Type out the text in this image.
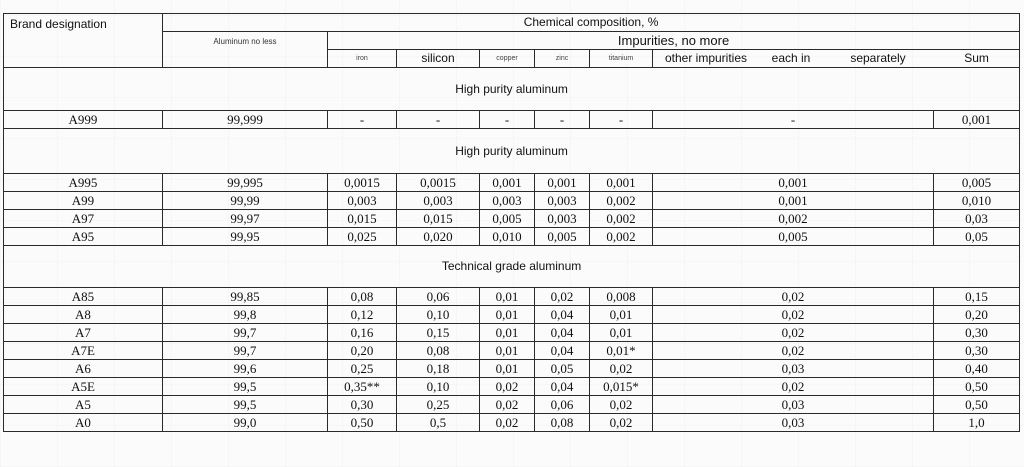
Brand designation	Chemical composition, %									
	Aluminum no less	Impurities, no more								
		iron	silicon	copper	zinc	titanium	other impurities	each in	separately	Sum
High purity aluminum										
A999	99,999	-	-	-	-	-	-			0,001
High purity aluminum										
A995	99,995	0,0015	0,0015	0,001	0,001	0,001	0,001			0,005
A99	99,99	0,003	0,003	0,003	0,003	0,002	0,001			0,010
A97	99,97	0,015	0,015	0,005	0,003	0,002	0,002			0,03
A95	99,95	0,025	0,020	0,010	0,005	0,002	0,005			0,05
Technical grade aluminum										
A85	99,85	0,08	0,06	0,01	0,02	0,008	0,02			0,15
A8	99,8	0,12	0,10	0,01	0,04	0,01	0,02			0,20
A7	99,7	0,16	0,15	0,01	0,04	0,01	0,02			0,30
A7E	99,7	0,20	0,08	0,01	0,04	0,01*	0,02			0,30
A6	99,6	0,25	0,18	0,01	0,05	0,02	0,03			0,40
A5E	99,5	0,35**	0,10	0,02	0,04	0,015*	0,02			0,50
A5	99,5	0,30	0,25	0,02	0,06	0,02	0,03			0,50
A0	99,0	0,50	0,5	0,02	0,08	0,02	0,03			1,0
